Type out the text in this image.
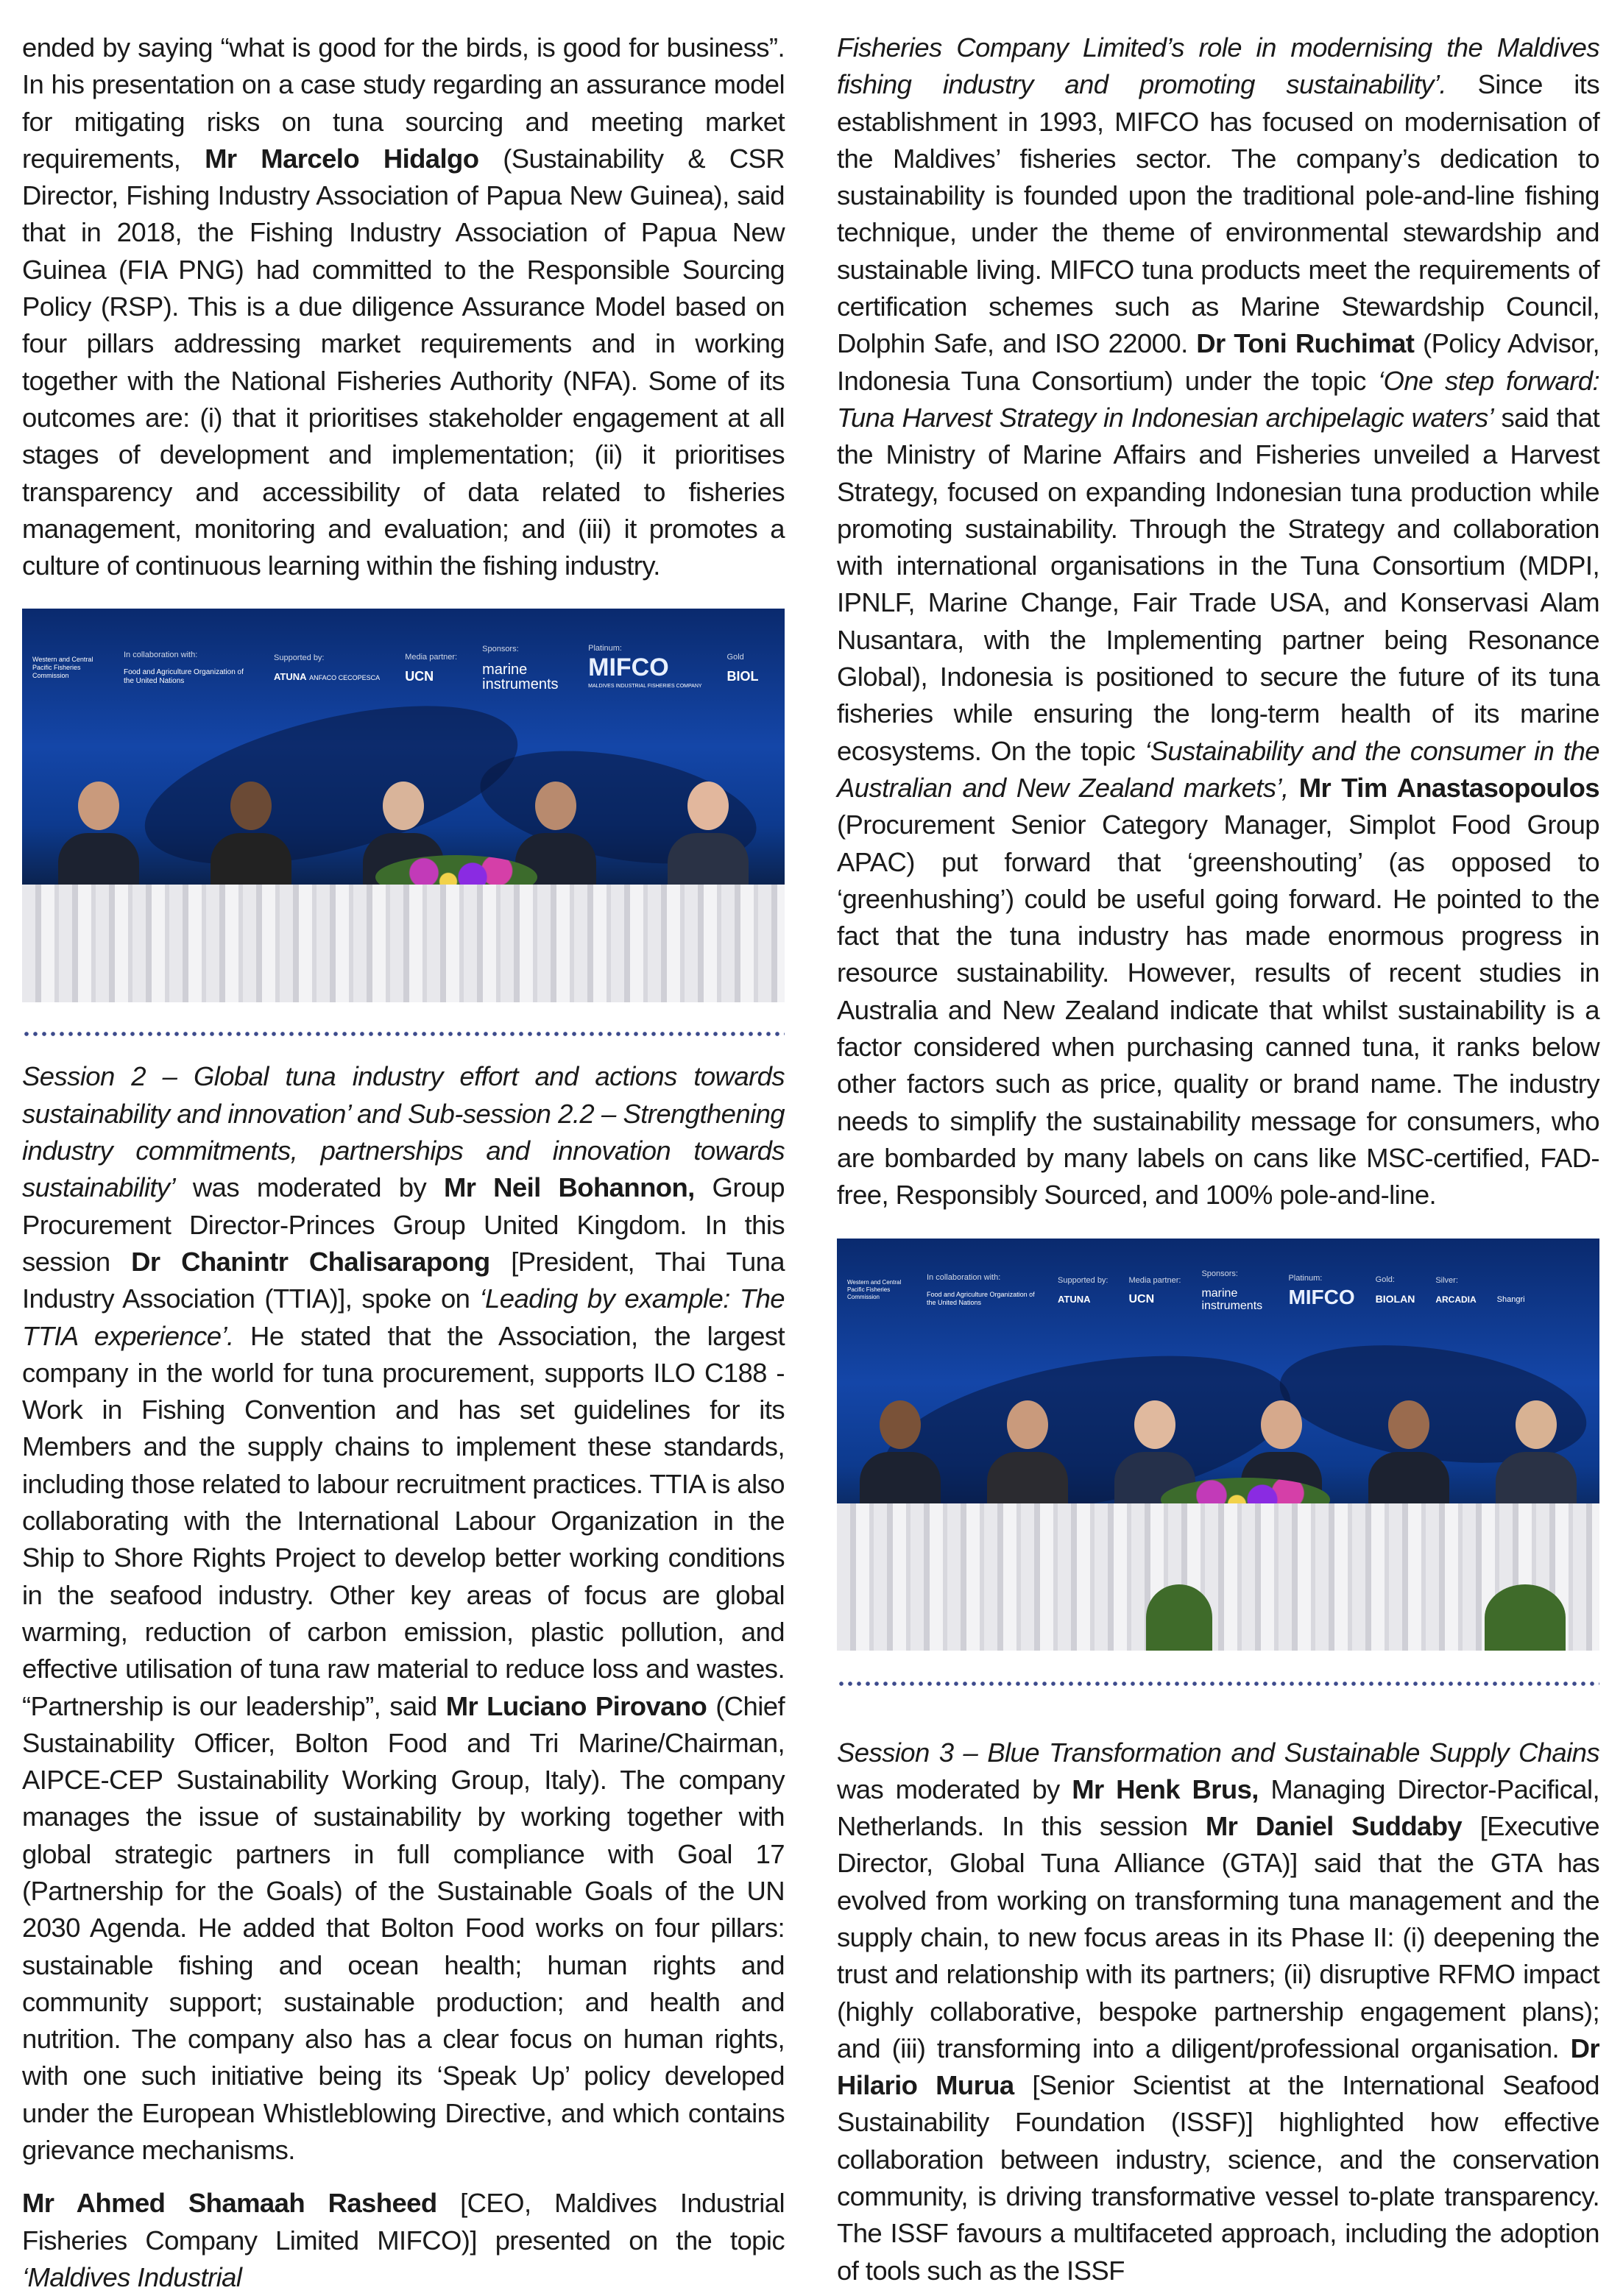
ended by saying “what is good for the birds, is good for business”. In his presentation on a case study regarding an assurance model for mitigating risks on tuna sourcing and meeting market requirements, Mr Marcelo Hidalgo (Sustainability & CSR Director, Fishing Industry Association of Papua New Guinea), said that in 2018, the Fishing Industry Association of Papua New Guinea (FIA PNG) had committed to the Responsible Sourcing Policy (RSP). This is a due diligence Assurance Model based on four pillars addressing market requirements and in working together with the National Fisheries Authority (NFA). Some of its outcomes are: (i) that it prioritises stakeholder engagement at all stages of development and implementation; (ii) it prioritises transparency and accessibility of data related to fisheries management, monitoring and evaluation; and (iii) it promotes a culture of continuous learning within the fishing industry.

Western and Central Pacific Fisheries Commission
In collaboration with:
Food and Agriculture Organization of the United Nations
Supported by:
ATUNA ANFACO CECOPESCA
Media partner:
UCN
Sponsors:
marine instruments
Platinum:
MIFCO
MALDIVES INDUSTRIAL FISHERIES COMPANY
Gold
BIOL

Session 2 – Global tuna industry effort and actions towards sustainability and innovation’ and Sub-session 2.2 – Strengthening industry commitments, partnerships and innovation towards sustainability’ was moderated by Mr Neil Bohannon, Group Procurement Director-Princes Group United Kingdom. In this session Dr Chanintr Chalisarapong [President, Thai Tuna Industry Association (TTIA)], spoke on ‘Leading by example: The TTIA experience’. He stated that the Association, the largest company in the world for tuna procurement, supports ILO C188 - Work in Fishing Convention and has set guidelines for its Members and the supply chains to implement these standards, including those related to labour recruitment practices. TTIA is also collaborating with the International Labour Organization in the Ship to Shore Rights Project to develop better working conditions in the seafood industry. Other key areas of focus are global warming, reduction of carbon emission, plastic pollution, and effective utilisation of tuna raw material to reduce loss and wastes. “Partnership is our leadership”, said Mr Luciano Pirovano (Chief Sustainability Officer, Bolton Food and Tri Marine/Chairman, AIPCE-CEP Sustainability Working Group, Italy). The company manages the issue of sustainability by working together with global strategic partners in full compliance with Goal 17 (Partnership for the Goals) of the Sustainable Goals of the UN 2030 Agenda. He added that Bolton Food works on four pillars: sustainable fishing and ocean health; human rights and community support; sustainable production; and health and nutrition. The company also has a clear focus on human rights, with one such initiative being its ‘Speak Up’ policy developed under the European Whistleblowing Directive, and which contains grievance mechanisms.

Mr Ahmed Shamaah Rasheed [CEO, Maldives Industrial Fisheries Company Limited MIFCO)] presented on the topic ‘Maldives Industrial

Fisheries Company Limited’s role in modernising the Maldives fishing industry and promoting sustainability’. Since its establishment in 1993, MIFCO has focused on modernisation of the Maldives’ fisheries sector. The company’s dedication to sustainability is founded upon the traditional pole-and-line fishing technique, under the theme of environmental stewardship and sustainable living. MIFCO tuna products meet the requirements of certification schemes such as Marine Stewardship Council, Dolphin Safe, and ISO 22000. Dr Toni Ruchimat (Policy Advisor, Indonesia Tuna Consortium) under the topic ‘One step forward: Tuna Harvest Strategy in Indonesian archipelagic waters’ said that the Ministry of Marine Affairs and Fisheries unveiled a Harvest Strategy, focused on expanding Indonesian tuna production while promoting sustainability. Through the Strategy and collaboration with international organisations in the Tuna Consortium (MDPI, IPNLF, Marine Change, Fair Trade USA, and Konservasi Alam Nusantara, with the Implementing partner being Resonance Global), Indonesia is positioned to secure the future of its tuna fisheries while ensuring the long-term health of its marine ecosystems. On the topic ‘Sustainability and the consumer in the Australian and New Zealand markets’, Mr Tim Anastasopoulos (Procurement Senior Category Manager, Simplot Food Group APAC) put forward that ‘greenshouting’ (as opposed to ‘greenhushing’) could be useful going forward. He pointed to the fact that the tuna industry has made enormous progress in resource sustainability. However, results of recent studies in Australia and New Zealand indicate that whilst sustainability is a factor considered when purchasing canned tuna, it ranks below other factors such as price, quality or brand name. The industry needs to simplify the sustainability message for consumers, who are bombarded by many labels on cans like MSC-certified, FAD-free, Responsibly Sourced, and 100% pole-and-line.

Western and Central Pacific Fisheries Commission
In collaboration with:
Food and Agriculture Organization of the United Nations
Supported by:
ATUNA
Media partner:
UCN
Sponsors:
marine instruments
Platinum:
MIFCO
Gold:
BIOLAN
Silver:
ARCADIA
	Shangri

Session 3 – Blue Transformation and Sustainable Supply Chains was moderated by Mr Henk Brus, Managing Director-Pacifical, Netherlands. In this session Mr Daniel Suddaby [Executive Director, Global Tuna Alliance (GTA)] said that the GTA has evolved from working on transforming tuna management and the supply chain, to new focus areas in its Phase II: (i) deepening the trust and relationship with its partners; (ii) disruptive RFMO impact (highly collaborative, bespoke partnership engagement plans); and (iii) transforming into a diligent/professional organisation. Dr Hilario Murua [Senior Scientist at the International Seafood Sustainability Foundation (ISSF)] highlighted how effective collaboration between industry, science, and the conservation community, is driving transformative vessel to-plate transparency. The ISSF favours a multifaceted approach, including the adoption of tools such as the ISSF
